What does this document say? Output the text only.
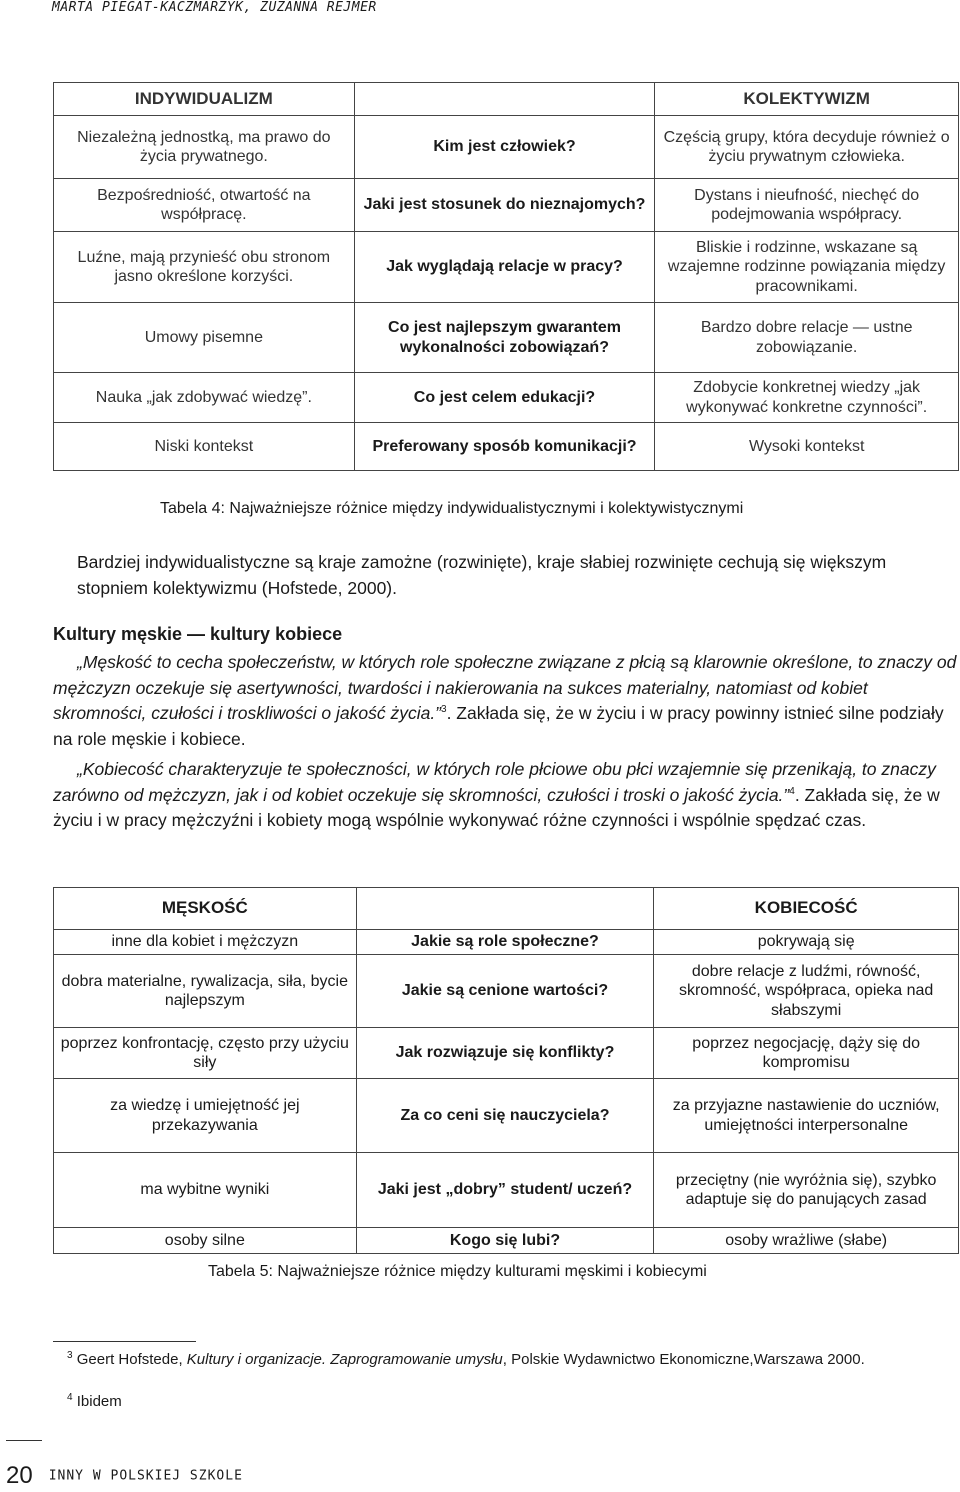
MARTA PIEGAT-KACZMARZYK, ZUZANNA REJMER
INDYWIDUALIZM		KOLEKTYWIZM
Niezależną jednostką, ma prawo do życia prywatnego.	Kim jest człowiek?	Częścią grupy, która decyduje również o życiu prywatnym człowieka.
Bezpośredniość, otwartość na współpracę.	Jaki jest stosunek do nieznajomych?	Dystans i nieufność, niechęć do podejmowania współpracy.
Luźne, mają przynieść obu stronom jasno określone korzyści.	Jak wyglądają relacje w pracy?	Bliskie i rodzinne, wskazane są wzajemne rodzinne powiązania między pracownikami.
Umowy pisemne	Co jest najlepszym gwarantem wykonalności zobowiązań?	Bardzo dobre relacje — ustne zobowiązanie.
Nauka „jak zdobywać wiedzę”.	Co jest celem edukacji?	Zdobycie konkretnej wiedzy „jak wykonywać konkretne czynności”.
Niski kontekst	Preferowany sposób komunikacji?	Wysoki kontekst
Tabela 4: Najważniejsze różnice między indywidualistycznymi i kolektywistycznymi

Bardziej indywidualistyczne są kraje zamożne (rozwinięte), kraje słabiej rozwinięte cechują się większym stopniem kolektywizmu (Hofstede, 2000).

Kultury męskie — kultury kobiece

„Męskość to cecha społeczeństw, w których role społeczne związane z płcią są klarownie określone, to znaczy od mężczyzn oczekuje się asertywności, twardości i nakierowania na sukces materialny, natomiast od kobiet skromności, czułości i troskliwości o jakość życia.”$^3$. Zakłada się, że w życiu i w pracy powinny istnieć silne podziały na role męskie i kobiece.

„Kobiecość charakteryzuje te społeczności, w których role płciowe obu płci wzajemnie się przenikają, to znaczy zarówno od mężczyzn, jak i od kobiet oczekuje się skromności, czułości i troski o jakość życia.”$^4$. Zakłada się, że w życiu i w pracy mężczyźni i kobiety mogą wspólnie wykonywać różne czynności i wspólnie spędzać czas.

MĘSKOŚĆ		KOBIECOŚĆ
inne dla kobiet i mężczyzn	Jakie są role społeczne?	pokrywają się
dobra materialne, rywalizacja, siła, bycie najlepszym	Jakie są cenione wartości?	dobre relacje z ludźmi, równość, skromność, współpraca, opieka nad słabszymi
poprzez konfrontację, często przy użyciu siły	Jak rozwiązuje się konflikty?	poprzez negocjację, dąży się do kompromisu
za wiedzę i umiejętność jej przekazywania	Za co ceni się nauczyciela?	za przyjazne nastawienie do uczniów, umiejętności interpersonalne
ma wybitne wyniki	Jaki jest „dobry” student/ uczeń?	przeciętny (nie wyróżnia się), szybko adaptuje się do panujących zasad
osoby silne	Kogo się lubi?	osoby wrażliwe (słabe)
Tabela 5: Najważniejsze różnice między kulturami męskimi i kobiecymi

$^3$ Geert Hofstede, Kultury i organizacje. Zaprogramowanie umysłu, Polskie Wydawnictwo Ekonomiczne,Warszawa 2000.

$^4$ Ibidem

20 INNY W POLSKIEJ SZKOLE
